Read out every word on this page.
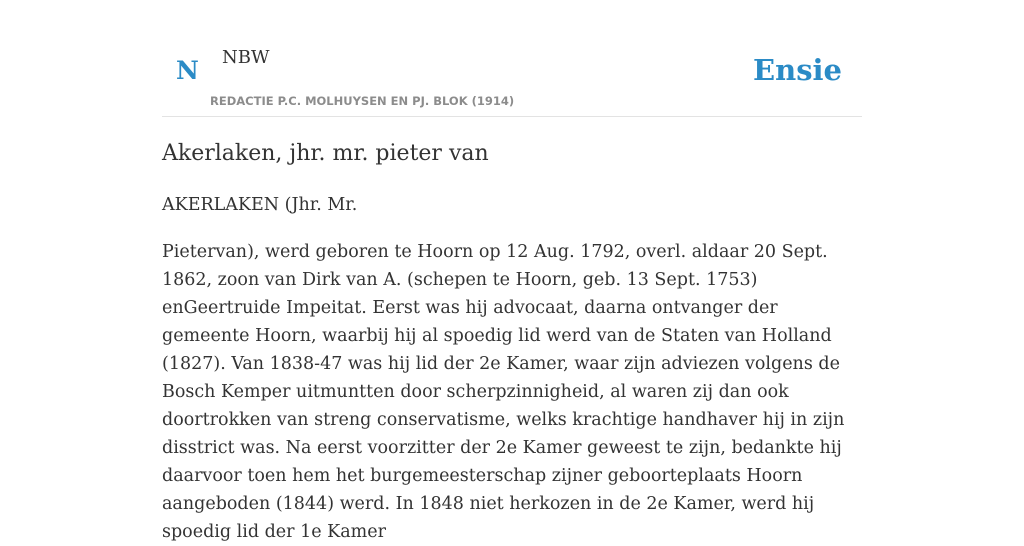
N NBW
REDACTIE P.C. MOLHUYSEN EN PJ. BLOK (1914)
Ensie
Akerlaken, jhr. mr. pieter van

AKERLAKEN (Jhr. Mr.

Pietervan), werd geboren te Hoorn op 12 Aug. 1792, overl. aldaar 20 Sept. 1862, zoon van Dirk van A. (schepen te Hoorn, geb. 13 Sept. 1753) enGeertruide Impeitat. Eerst was hij advocaat, daarna ontvanger der gemeente Hoorn, waarbij hij al spoedig lid werd van de Staten van Holland (1827). Van 1838-47 was hij lid der 2e Kamer, waar zijn adviezen volgens de Bosch Kemper uitmuntten door scherpzinnigheid, al waren zij dan ook doortrokken van streng conservatisme, welks krachtige handhaver hij in zijn disstrict was. Na eerst voorzitter der 2e Kamer geweest te zijn, bedankte hij daarvoor toen hem het burgemeesterschap zijner geboorteplaats Hoorn aangeboden (1844) werd. In 1848 niet herkozen in de 2e Kamer, werd hij spoedig lid der 1e Kamer
